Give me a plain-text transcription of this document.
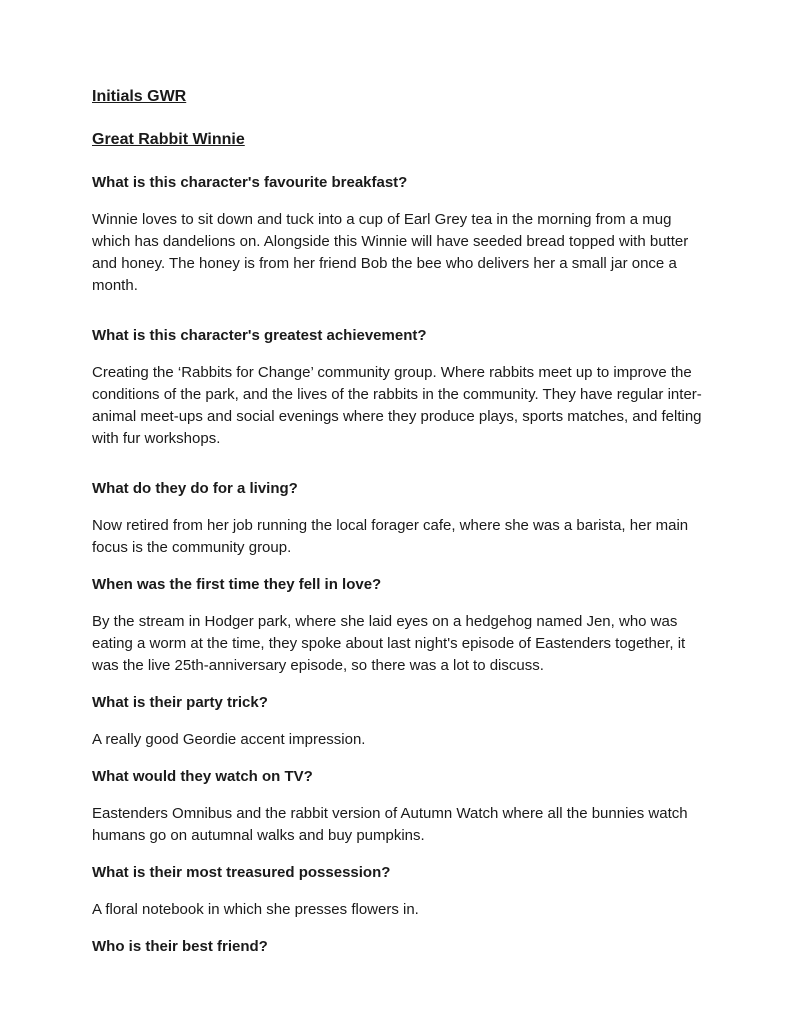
Initials GWR

Great Rabbit Winnie

What is this character's favourite breakfast?

Winnie loves to sit down and tuck into a cup of Earl Grey tea in the morning from a mug which has dandelions on. Alongside this Winnie will have seeded bread topped with butter and honey. The honey is from her friend Bob the bee who delivers her a small jar once a month.

What is this character's greatest achievement?

Creating the ‘Rabbits for Change’ community group. Where rabbits meet up to improve the conditions of the park, and the lives of the rabbits in the community. They have regular inter-animal meet-ups and social evenings where they produce plays, sports matches, and felting with fur workshops.

What do they do for a living?

Now retired from her job running the local forager cafe, where she was a barista, her main focus is the community group.

When was the first time they fell in love?

By the stream in Hodger park, where she laid eyes on a hedgehog named Jen, who was eating a worm at the time, they spoke about last night's episode of Eastenders together, it was the live 25th-anniversary episode, so there was a lot to discuss.

What is their party trick?

A really good Geordie accent impression.

What would they watch on TV?

Eastenders Omnibus and the rabbit version of Autumn Watch where all the bunnies watch humans go on autumnal walks and buy pumpkins.

What is their most treasured possession?

A floral notebook in which she presses flowers in.

Who is their best friend?
